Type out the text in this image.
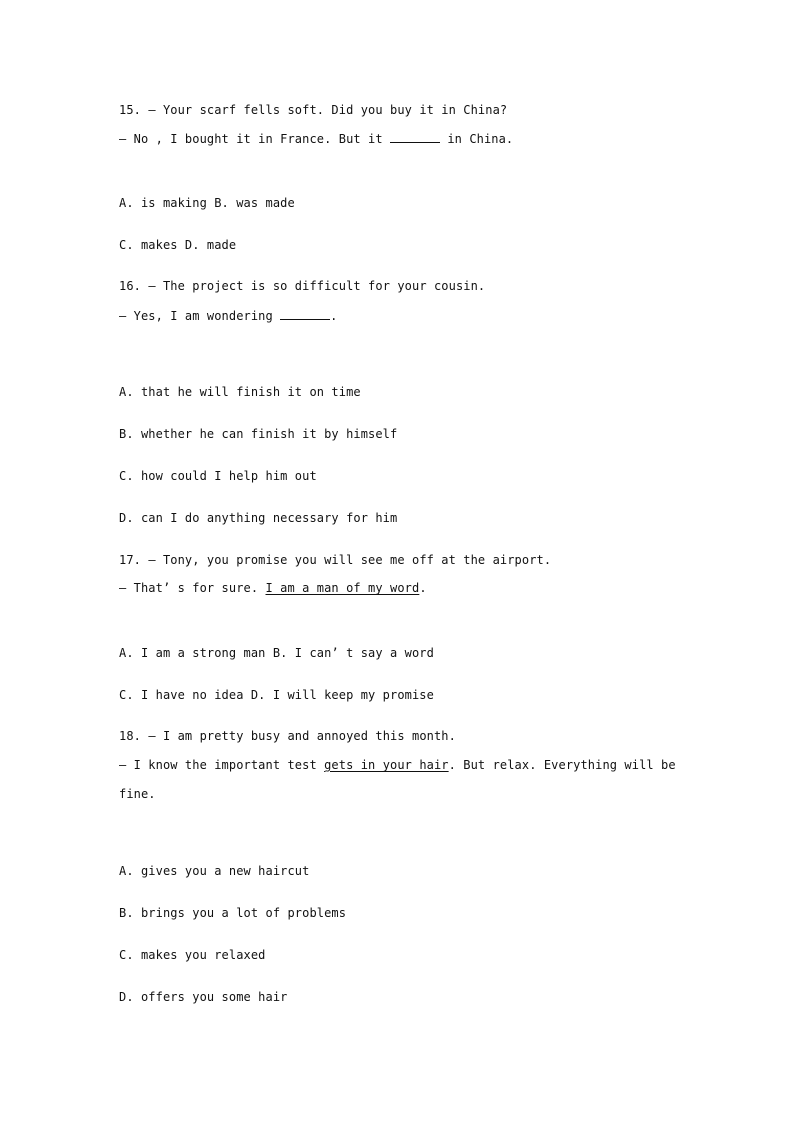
15. — Your scarf fells soft. Did you buy it in China?
— No , I bought it in France. But it	in China.
A. is making B. was made
C. makes D. made
16. — The project is so difficult for your cousin.
— Yes, I am wondering	.
A. that he will finish it on time
B. whether he can finish it by himself
C. how could I help him out
D. can I do anything necessary for him
17. — Tony, you promise you will see me off at the airport.
— That’ s for sure. I am a man of my word.
A. I am a strong man B. I can’ t say a word
C. I have no idea D. I will keep my promise
18. — I am pretty busy and annoyed this month.
— I know the important test gets in your hair. But relax. Everything will be
fine.
A. gives you a new haircut
B. brings you a lot of problems
C. makes you relaxed
D. offers you some hair
